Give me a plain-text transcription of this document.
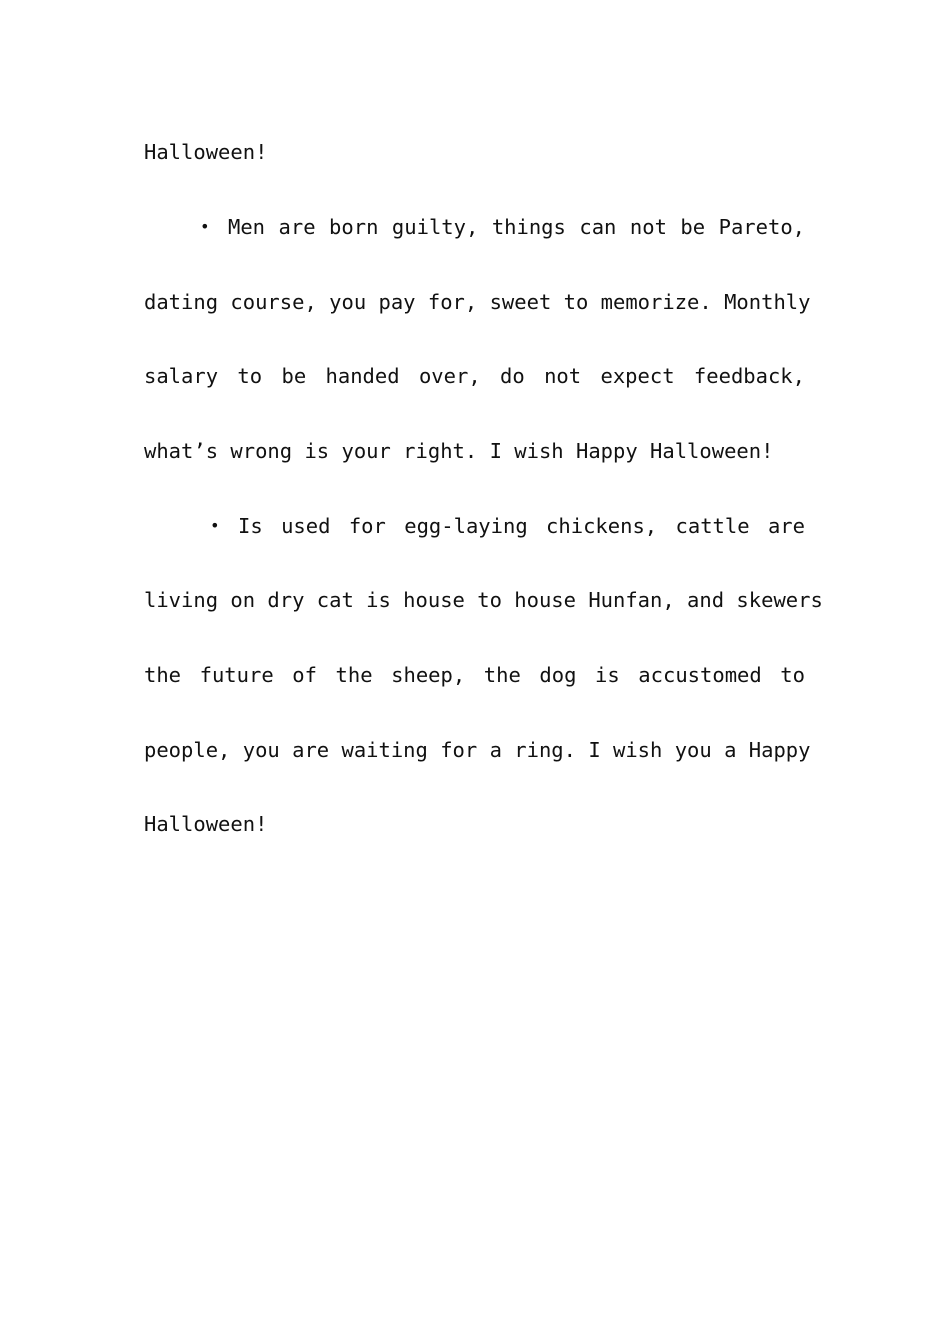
Halloween!
• Men are born guilty, things can not be Pareto,
dating course, you pay for, sweet to memorize. Monthly
salary to be handed over, do not expect feedback,
what’s wrong is your right. I wish Happy Halloween!
• Is used for egg-laying chickens, cattle are
living on dry cat is house to house Hunfan, and skewers
the future of the sheep, the dog is accustomed to
people, you are waiting for a ring. I wish you a Happy
Halloween!
